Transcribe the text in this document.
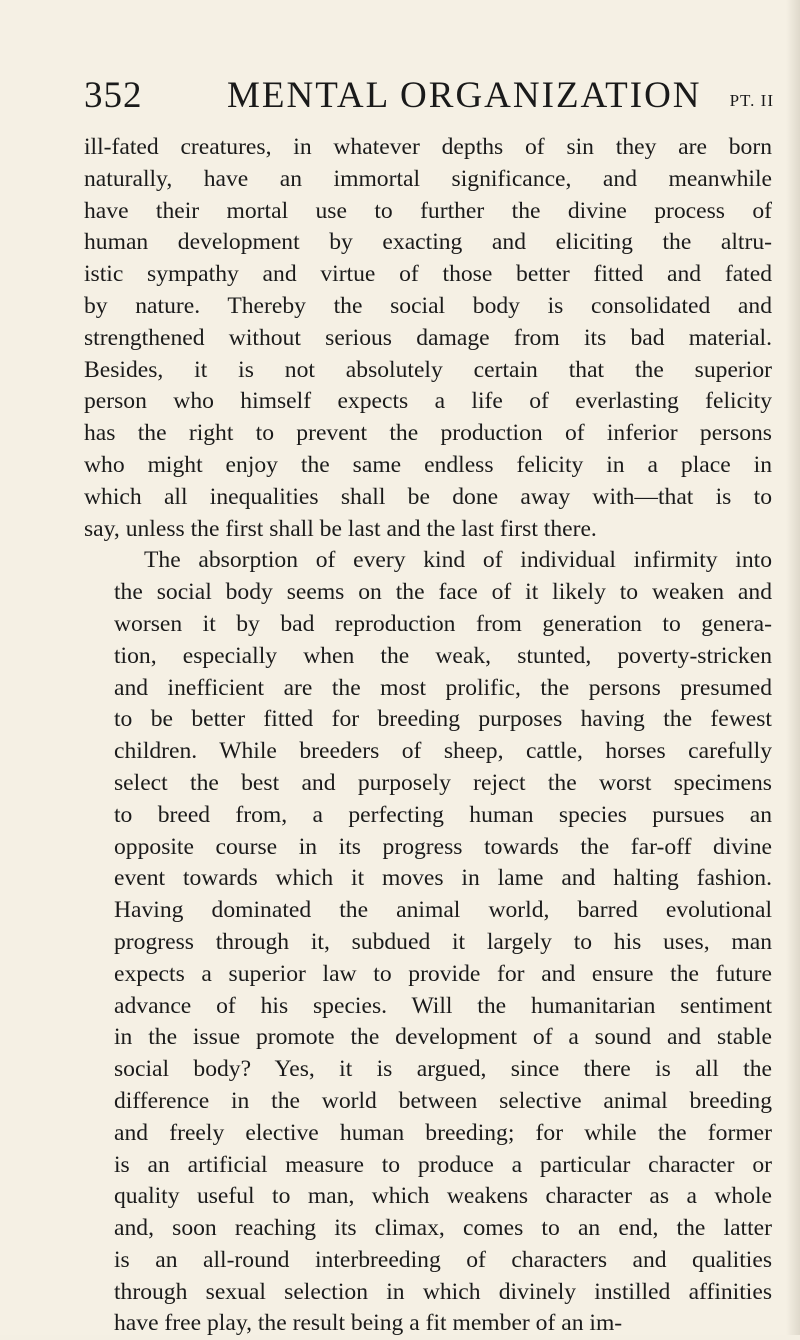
352 MENTAL ORGANIZATION PT. II
ill-fated creatures, in whatever depths of sin they are born
naturally, have an immortal significance, and meanwhile
have their mortal use to further the divine process of
human development by exacting and eliciting the altru-
istic sympathy and virtue of those better fitted and fated
by nature. Thereby the social body is consolidated and
strengthened without serious damage from its bad material.
Besides, it is not absolutely certain that the superior
person who himself expects a life of everlasting felicity
has the right to prevent the production of inferior persons
who might enjoy the same endless felicity in a place in
which all inequalities shall be done away with—that is to
say, unless the first shall be last and the last first there.
The absorption of every kind of individual infirmity into
the social body seems on the face of it likely to weaken and
worsen it by bad reproduction from generation to genera-
tion, especially when the weak, stunted, poverty-stricken
and inefficient are the most prolific, the persons presumed
to be better fitted for breeding purposes having the fewest
children. While breeders of sheep, cattle, horses carefully
select the best and purposely reject the worst specimens
to breed from, a perfecting human species pursues an
opposite course in its progress towards the far-off divine
event towards which it moves in lame and halting fashion.
Having dominated the animal world, barred evolutional
progress through it, subdued it largely to his uses, man
expects a superior law to provide for and ensure the future
advance of his species. Will the humanitarian sentiment
in the issue promote the development of a sound and stable
social body? Yes, it is argued, since there is all the
difference in the world between selective animal breeding
and freely elective human breeding; for while the former
is an artificial measure to produce a particular character or
quality useful to man, which weakens character as a whole
and, soon reaching its climax, comes to an end, the latter
is an all-round interbreeding of characters and qualities
through sexual selection in which divinely instilled affinities
have free play, the result being a fit member of an im-
